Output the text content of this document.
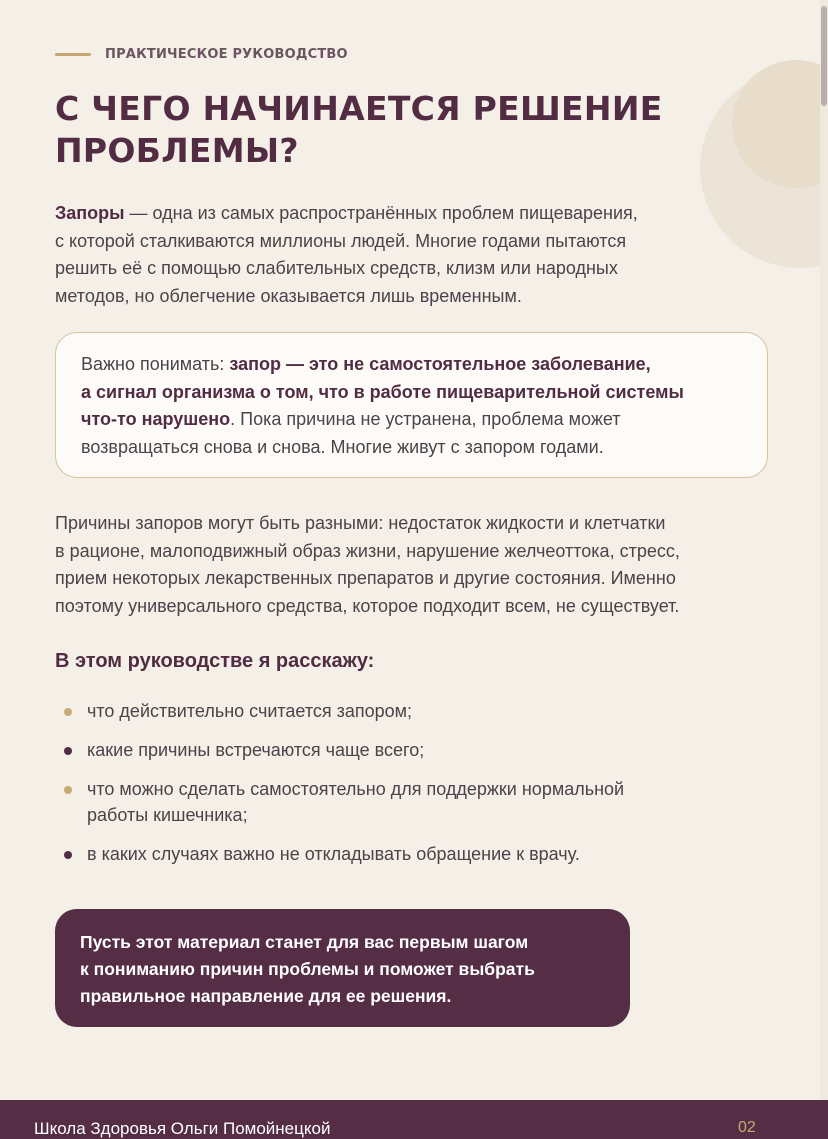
ПРАКТИЧЕСКОЕ РУКОВОДСТВО
С ЧЕГО НАЧИНАЕТСЯ РЕШЕНИЕ
ПРОБЛЕМЫ?

Запоры — одна из самых распространённых проблем пищеварения,
с которой сталкиваются миллионы людей. Многие годами пытаются
решить её с помощью слабительных средств, клизм или народных
методов, но облегчение оказывается лишь временным.

Важно понимать: запор — это не самостоятельное заболевание,
а сигнал организма о том, что в работе пищеварительной системы
что-то нарушено. Пока причина не устранена, проблема может
возвращаться снова и снова. Многие живут с запором годами.

Причины запоров могут быть разными: недостаток жидкости и клетчатки
в рационе, малоподвижный образ жизни, нарушение желчеоттока, стресс,
прием некоторых лекарственных препаратов и другие состояния. Именно
поэтому универсального средства, которое подходит всем, не существует.

В этом руководстве я расскажу:
что действительно считается запором;
какие причины встречаются чаще всего;
что можно сделать самостоятельно для поддержки нормальной
работы кишечника;
в каких случаях важно не откладывать обращение к врачу.

Пусть этот материал станет для вас первым шагом
к пониманию причин проблемы и поможет выбрать
правильное направление для ее решения.

Школа Здоровья Ольги Помойнецкой	02
